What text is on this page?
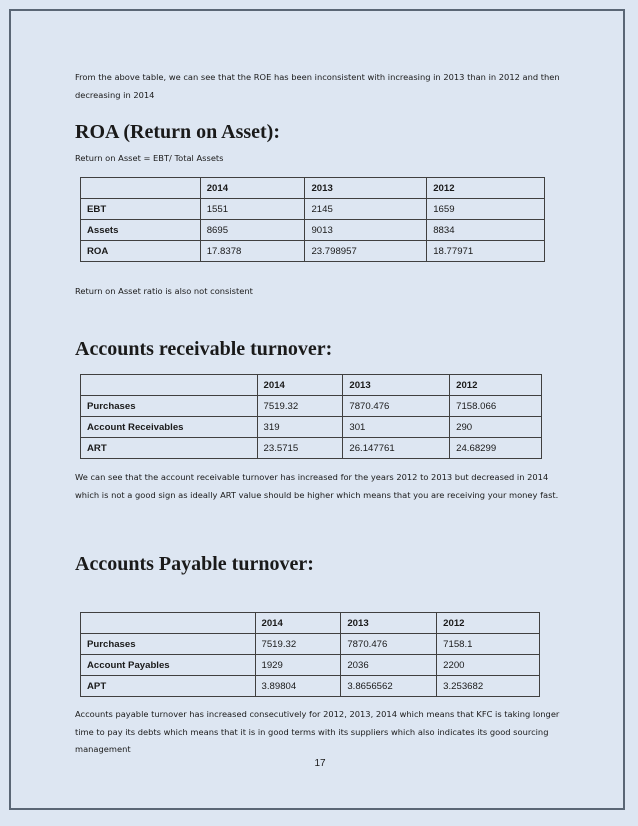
From the above table, we can see that the ROE has been inconsistent with increasing in 2013 than in 2012 and then decreasing in 2014

ROA (Return on Asset):

Return on Asset = EBT/ Total Assets

	2014	2013	2012
EBT	1551	2145	1659
Assets	8695	9013	8834
ROA	17.8378	23.798957	18.77971

Return on Asset ratio is also not consistent

Accounts receivable turnover:
	2014	2013	2012
Purchases	7519.32	7870.476	7158.066
Account Receivables	319	301	290
ART	23.5715	26.147761	24.68299

We can see that the account receivable turnover has increased for the years 2012 to 2013 but decreased in 2014 which is not a good sign as ideally ART value should be higher which means that you are receiving your money fast.

Accounts Payable turnover:
	2014	2013	2012
Purchases	7519.32	7870.476	7158.1
Account Payables	1929	2036	2200
APT	3.89804	3.8656562	3.253682

Accounts payable turnover has increased consecutively for 2012, 2013, 2014 which means that KFC is taking longer time to pay its debts which means that it is in good terms with its suppliers which also indicates its good sourcing management

17
